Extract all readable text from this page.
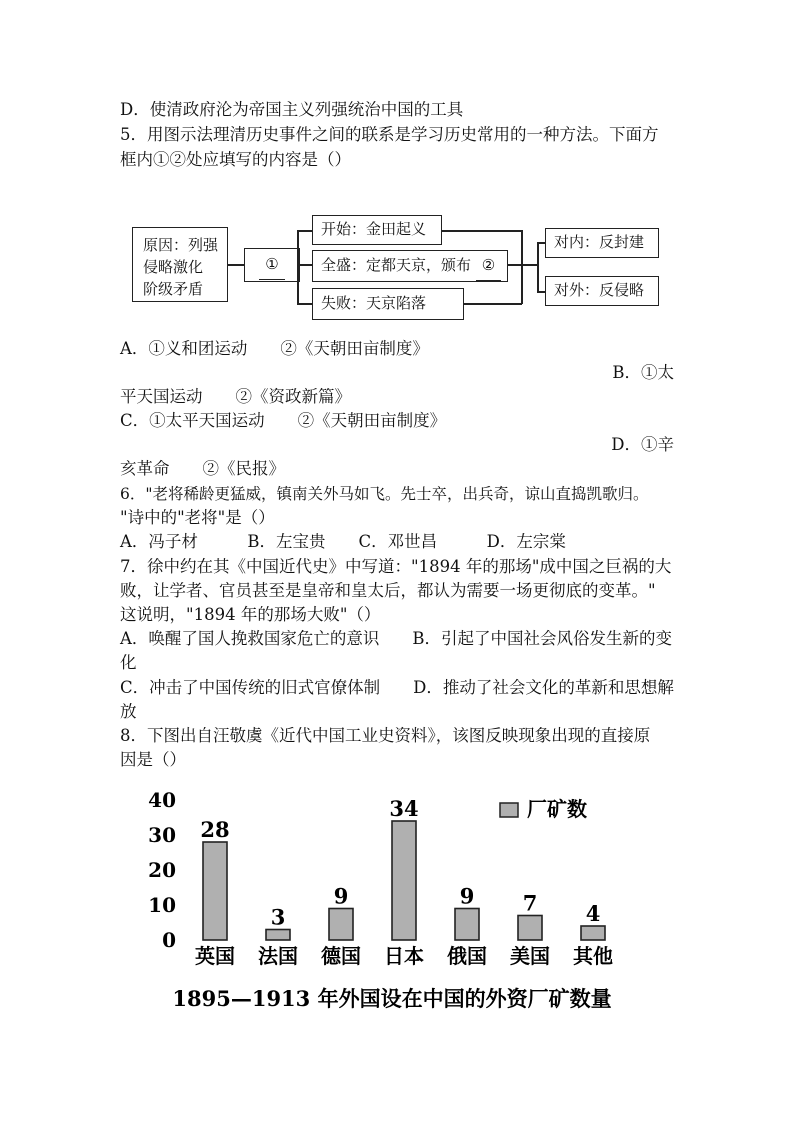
D．使清政府沦为帝国主义列强统治中国的工具
5．用图示法理清历史事件之间的联系是学习历史常用的一种方法。下面方
框内①②处应填写的内容是（）
原因：列强
侵略激化
阶级矛盾
①
开始：金田起义
全盛：定都天京，颁布 ②
失败：天京陷落
对内：反封建
对外：反侵略
A．①义和团运动　　②《天朝田亩制度》
B．①太
平天国运动　　②《资政新篇》
C．①太平天国运动　　②《天朝田亩制度》
D．①辛
亥革命　　②《民报》
6．"老将稀龄更猛威，镇南关外马如飞。先士卒，出兵奇，谅山直捣凯歌归。
"诗中的"老将"是（）
A．冯子材　　　B．左宝贵　　C．邓世昌　　　D．左宗棠
7．徐中约在其《中国近代史》中写道："1894 年的那场"成中国之巨祸的大
败，让学者、官员甚至是皇帝和皇太后，都认为需要一场更彻底的变革。"
这说明，"1894 年的那场大败"（）
A．唤醒了国人挽救国家危亡的意识　　B．引起了中国社会风俗发生新的变
化
C．冲击了中国传统的旧式官僚体制　　D．推动了社会文化的革新和思想解
放
8．下图出自汪敬虞《近代中国工业史资料》，该图反映现象出现的直接原
因是（）
40
30
20
10
0
28
3
9
34
9 7 4
英国 法国 德国 日本 俄国 美国 其他
厂矿数
1895—1913 年外国设在中国的外资厂矿数量
